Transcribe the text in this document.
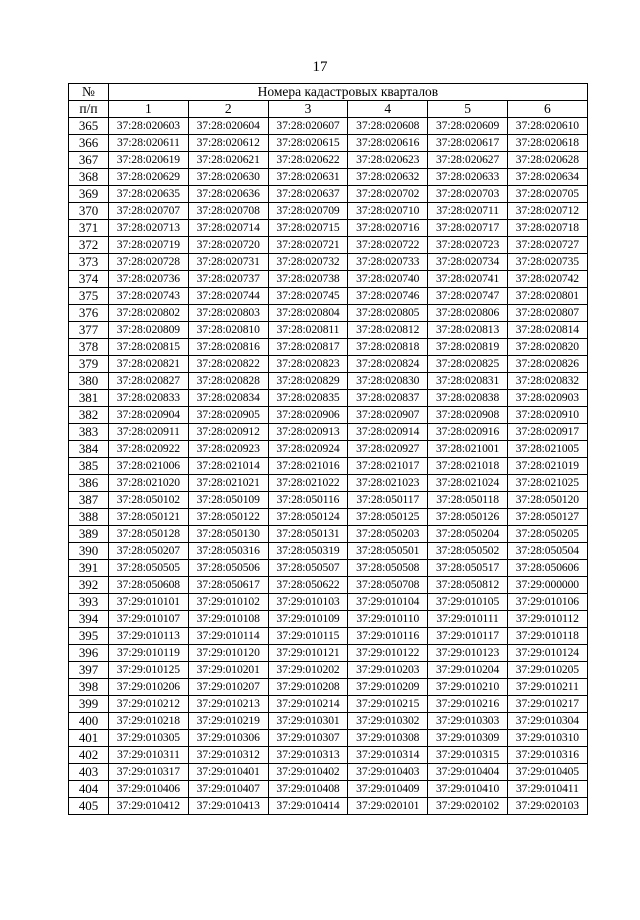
17
№	Номера кадастровых кварталов					
п/п	1	2	3	4	5	6
365	37:28:020603	37:28:020604	37:28:020607	37:28:020608	37:28:020609	37:28:020610
366	37:28:020611	37:28:020612	37:28:020615	37:28:020616	37:28:020617	37:28:020618
367	37:28:020619	37:28:020621	37:28:020622	37:28:020623	37:28:020627	37:28:020628
368	37:28:020629	37:28:020630	37:28:020631	37:28:020632	37:28:020633	37:28:020634
369	37:28:020635	37:28:020636	37:28:020637	37:28:020702	37:28:020703	37:28:020705
370	37:28:020707	37:28:020708	37:28:020709	37:28:020710	37:28:020711	37:28:020712
371	37:28:020713	37:28:020714	37:28:020715	37:28:020716	37:28:020717	37:28:020718
372	37:28:020719	37:28:020720	37:28:020721	37:28:020722	37:28:020723	37:28:020727
373	37:28:020728	37:28:020731	37:28:020732	37:28:020733	37:28:020734	37:28:020735
374	37:28:020736	37:28:020737	37:28:020738	37:28:020740	37:28:020741	37:28:020742
375	37:28:020743	37:28:020744	37:28:020745	37:28:020746	37:28:020747	37:28:020801
376	37:28:020802	37:28:020803	37:28:020804	37:28:020805	37:28:020806	37:28:020807
377	37:28:020809	37:28:020810	37:28:020811	37:28:020812	37:28:020813	37:28:020814
378	37:28:020815	37:28:020816	37:28:020817	37:28:020818	37:28:020819	37:28:020820
379	37:28:020821	37:28:020822	37:28:020823	37:28:020824	37:28:020825	37:28:020826
380	37:28:020827	37:28:020828	37:28:020829	37:28:020830	37:28:020831	37:28:020832
381	37:28:020833	37:28:020834	37:28:020835	37:28:020837	37:28:020838	37:28:020903
382	37:28:020904	37:28:020905	37:28:020906	37:28:020907	37:28:020908	37:28:020910
383	37:28:020911	37:28:020912	37:28:020913	37:28:020914	37:28:020916	37:28:020917
384	37:28:020922	37:28:020923	37:28:020924	37:28:020927	37:28:021001	37:28:021005
385	37:28:021006	37:28:021014	37:28:021016	37:28:021017	37:28:021018	37:28:021019
386	37:28:021020	37:28:021021	37:28:021022	37:28:021023	37:28:021024	37:28:021025
387	37:28:050102	37:28:050109	37:28:050116	37:28:050117	37:28:050118	37:28:050120
388	37:28:050121	37:28:050122	37:28:050124	37:28:050125	37:28:050126	37:28:050127
389	37:28:050128	37:28:050130	37:28:050131	37:28:050203	37:28:050204	37:28:050205
390	37:28:050207	37:28:050316	37:28:050319	37:28:050501	37:28:050502	37:28:050504
391	37:28:050505	37:28:050506	37:28:050507	37:28:050508	37:28:050517	37:28:050606
392	37:28:050608	37:28:050617	37:28:050622	37:28:050708	37:28:050812	37:29:000000
393	37:29:010101	37:29:010102	37:29:010103	37:29:010104	37:29:010105	37:29:010106
394	37:29:010107	37:29:010108	37:29:010109	37:29:010110	37:29:010111	37:29:010112
395	37:29:010113	37:29:010114	37:29:010115	37:29:010116	37:29:010117	37:29:010118
396	37:29:010119	37:29:010120	37:29:010121	37:29:010122	37:29:010123	37:29:010124
397	37:29:010125	37:29:010201	37:29:010202	37:29:010203	37:29:010204	37:29:010205
398	37:29:010206	37:29:010207	37:29:010208	37:29:010209	37:29:010210	37:29:010211
399	37:29:010212	37:29:010213	37:29:010214	37:29:010215	37:29:010216	37:29:010217
400	37:29:010218	37:29:010219	37:29:010301	37:29:010302	37:29:010303	37:29:010304
401	37:29:010305	37:29:010306	37:29:010307	37:29:010308	37:29:010309	37:29:010310
402	37:29:010311	37:29:010312	37:29:010313	37:29:010314	37:29:010315	37:29:010316
403	37:29:010317	37:29:010401	37:29:010402	37:29:010403	37:29:010404	37:29:010405
404	37:29:010406	37:29:010407	37:29:010408	37:29:010409	37:29:010410	37:29:010411
405	37:29:010412	37:29:010413	37:29:010414	37:29:020101	37:29:020102	37:29:020103
